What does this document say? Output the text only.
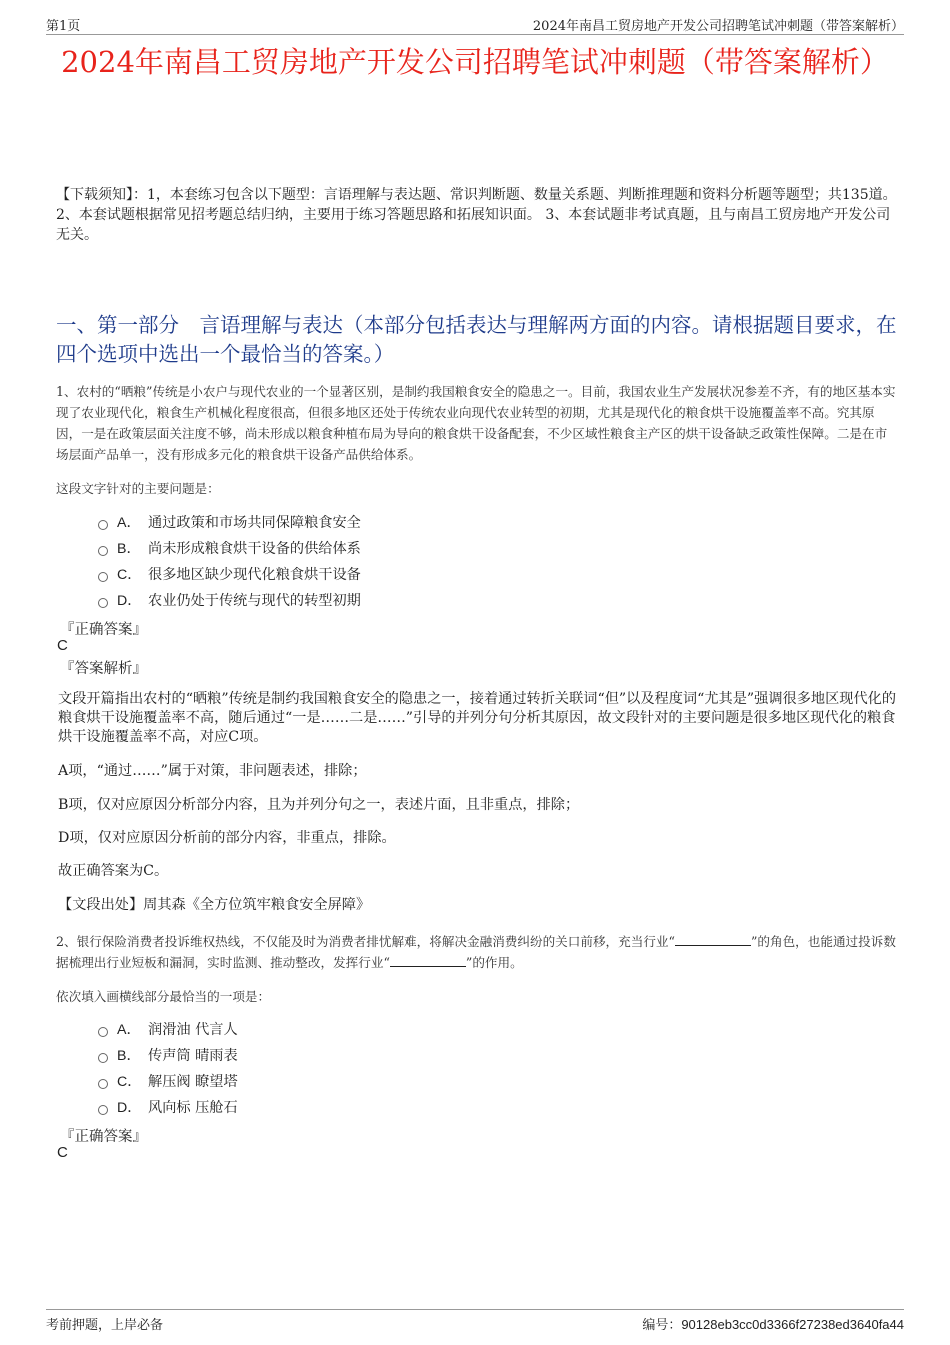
第1页	2024年南昌工贸房地产开发公司招聘笔试冲刺题（带答案解析）
2024年南昌工贸房地产开发公司招聘笔试冲刺题（带答案解析）
【下载须知】：1，本套练习包含以下题型：言语理解与表达题、常识判断题、数量关系题、判断推理题和资料分析题等题型；共135道。 2、本套试题根据常见招考题总结归纳，主要用于练习答题思路和拓展知识面。 3、本套试题非考试真题，且与南昌工贸房地产开发公司无关。
一、第一部分　言语理解与表达（本部分包括表达与理解两方面的内容。请根据题目要求，在四个选项中选出一个最恰当的答案。）
1、农村的“晒粮”传统是小农户与现代农业的一个显著区别，是制约我国粮食安全的隐患之一。目前，我国农业生产发展状况参差不齐，有的地区基本实现了农业现代化，粮食生产机械化程度很高，但很多地区还处于传统农业向现代农业转型的初期，尤其是现代化的粮食烘干设施覆盖率不高。究其原因，一是在政策层面关注度不够，尚未形成以粮食种植布局为导向的粮食烘干设备配套，不少区域性粮食主产区的烘干设备缺乏政策性保障。二是在市场层面产品单一，没有形成多元化的粮食烘干设备产品供给体系。
这段文字针对的主要问题是：
A． 通过政策和市场共同保障粮食安全
B． 尚未形成粮食烘干设备的供给体系
C． 很多地区缺少现代化粮食烘干设备
D． 农业仍处于传统与现代的转型初期
『正确答案』
C
『答案解析』
文段开篇指出农村的“晒粮”传统是制约我国粮食安全的隐患之一，接着通过转折关联词“但”以及程度词“尤其是”强调很多地区现代化的粮食烘干设施覆盖率不高，随后通过“一是……二是……”引导的并列分句分析其原因，故文段针对的主要问题是很多地区现代化的粮食烘干设施覆盖率不高，对应C项。
A项，“通过……”属于对策，非问题表述，排除；
B项，仅对应原因分析部分内容，且为并列分句之一，表述片面，且非重点，排除；
D项，仅对应原因分析前的部分内容，非重点，排除。
故正确答案为C。
【文段出处】周其森《全方位筑牢粮食安全屏障》
2、银行保险消费者投诉维权热线，不仅能及时为消费者排忧解难，将解决金融消费纠纷的关口前移，充当行业“	”的角色，也能通过投诉数据梳理出行业短板和漏洞，实时监测、推动整改，发挥行业“	”的作用。
依次填入画横线部分最恰当的一项是：
A． 润滑油 代言人
B． 传声筒 晴雨表
C． 解压阀 瞭望塔
D． 风向标 压舱石
『正确答案』
C
考前押题，上岸必备	编号：90128eb3cc0d3366f27238ed3640fa44
